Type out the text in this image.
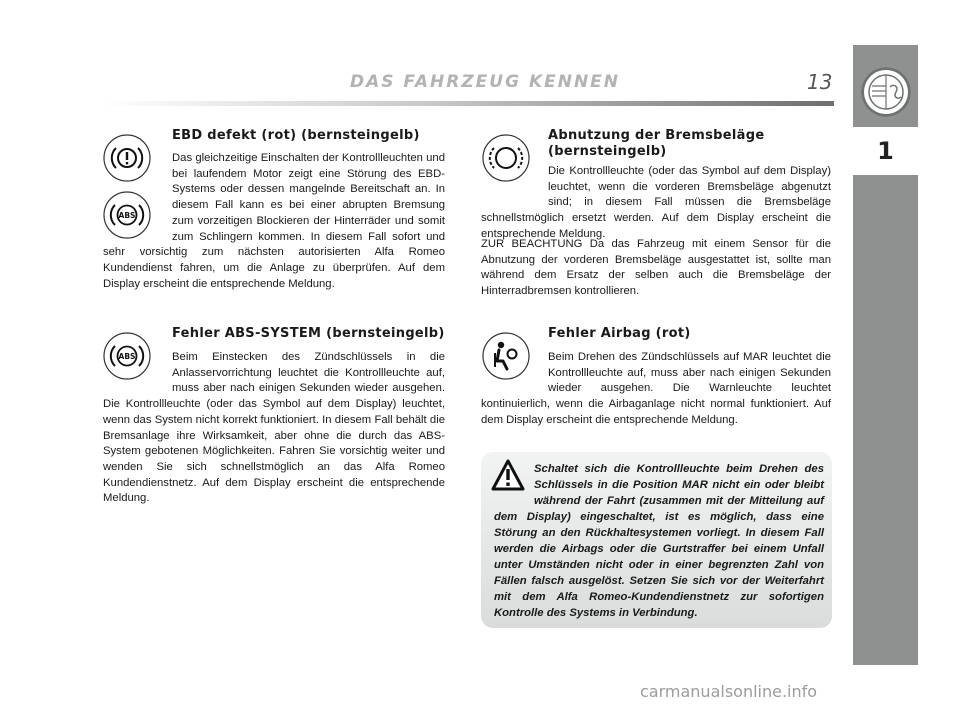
DAS FAHRZEUG KENNEN	13
1
ABS
EBD defekt (rot) (bernsteingelb)

Das gleichzeitige Einschalten der Kontrollleuchten und bei laufendem Motor zeigt eine Störung des EBD-Systems oder dessen mangelnde Bereitschaft an. In diesem Fall kann es bei einer abrupten Bremsung zum vorzeitigen Blockieren der Hinterräder und somit zum Schlingern kommen. In diesem Fall sofort und sehr vorsichtig zum nächsten autorisierten Alfa Romeo Kundendienst fahren, um die Anlage zu überprüfen. Auf dem Display erscheint die entsprechende Meldung.

ABS
Fehler ABS-SYSTEM (bernsteingelb)

Beim Einstecken des Zündschlüssels in die Anlasservorrichtung leuchtet die Kontrollleuchte auf, muss aber nach einigen Sekunden wieder ausgehen. Die Kontrollleuchte (oder das Symbol auf dem Display) leuchtet, wenn das System nicht korrekt funktioniert. In diesem Fall behält die Bremsanlage ihre Wirksamkeit, aber ohne die durch das ABS-System gebotenen Möglichkeiten. Fahren Sie vorsichtig weiter und wenden Sie sich schnellstmöglich an das Alfa Romeo Kundendienstnetz. Auf dem Display erscheint die entsprechende Meldung.

Abnutzung der Bremsbeläge (bernsteingelb)

Die Kontrollleuchte (oder das Symbol auf dem Display) leuchtet, wenn die vorderen Bremsbeläge abgenutzt sind; in diesem Fall müssen die Bremsbeläge schnellstmöglich ersetzt werden. Auf dem Display erscheint die entsprechende Meldung.

ZUR BEACHTUNG Da das Fahrzeug mit einem Sensor für die Abnutzung der vorderen Bremsbeläge ausgestattet ist, sollte man während dem Ersatz der selben auch die Bremsbeläge der Hinterradbremsen kontrollieren.

Fehler Airbag (rot)

Beim Drehen des Zündschlüssels auf MAR leuchtet die Kontrollleuchte auf, muss aber nach einigen Sekunden wieder ausgehen. Die Warnleuchte leuchtet kontinuierlich, wenn die Airbaganlage nicht normal funktioniert. Auf dem Display erscheint die entsprechende Meldung.

Schaltet sich die Kontrollleuchte beim Drehen des Schlüssels in die Position MAR nicht ein oder bleibt während der Fahrt (zusammen mit der Mitteilung auf dem Display) eingeschaltet, ist es möglich, dass eine Störung an den Rückhaltesystemen vorliegt. In diesem Fall werden die Airbags oder die Gurtstraffer bei einem Unfall unter Umständen nicht oder in einer begrenzten Zahl von Fällen falsch ausgelöst. Setzen Sie sich vor der Weiterfahrt mit dem Alfa Romeo-Kundendienstnetz zur sofortigen Kontrolle des Systems in Verbindung.

carmanualsonline.info
